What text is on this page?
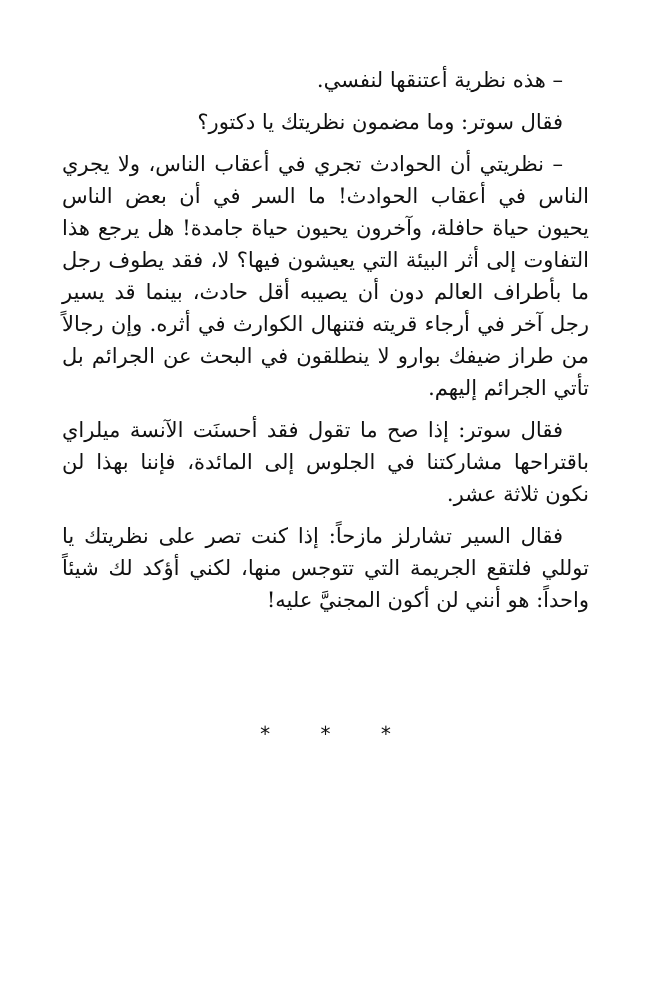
– هذه نظرية أعتنقها لنفسي.

فقال سوتر: وما مضمون نظريتك يا دكتور؟

– نظريتي أن الحوادث تجري في أعقاب الناس، ولا يجري الناس في أعقاب الحوادث! ما السر في أن بعض الناس يحيون حياة حافلة، وآخرون يحيون حياة جامدة! هل يرجع هذا التفاوت إلى أثر البيئة التي يعيشون فيها؟ لا، فقد يطوف رجل ما بأطراف العالم دون أن يصيبه أقل حادث، بينما قد يسير رجل آخر في أرجاء قريته فتنهال الكوارث في أثره. وإن رجالاً من طراز ضيفك بوارو لا ينطلقون في البحث عن الجرائم بل تأتي الجرائم إليهم.

فقال سوتر: إذا صح ما تقول فقد أحسنَت الآنسة ميلراي باقتراحها مشاركتنا في الجلوس إلى المائدة، فإننا بهذا لن نكون ثلاثة عشر.

فقال السير تشارلز مازحاً: إذا كنت تصر على نظريتك يا توللي فلتقع الجريمة التي تتوجس منها، لكني أؤكد لك شيئاً واحداً: هو أنني لن أكون المجنيَّ عليه!

* * *
